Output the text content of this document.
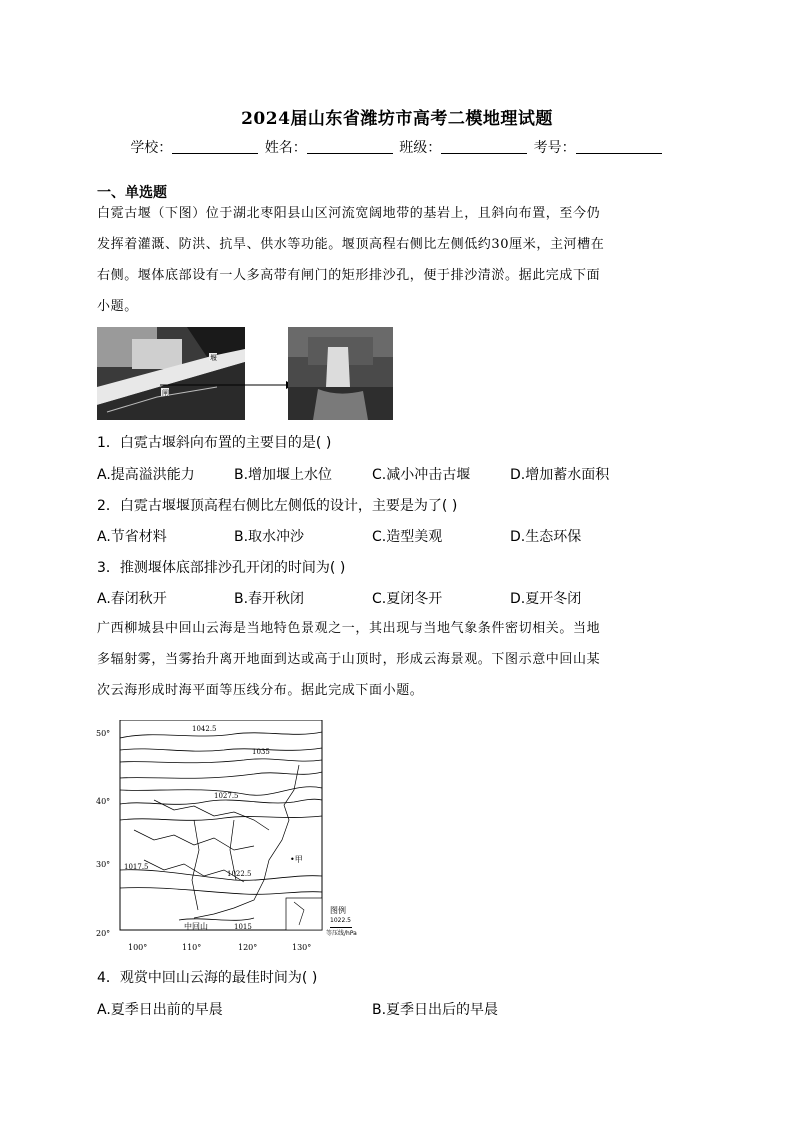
2024届山东省潍坊市高考二模地理试题
学校：	姓名：	班级：	考号：
一、单选题
白霓古堰（下图）位于湖北枣阳县山区河流宽阔地带的基岩上，且斜向布置，至今仍
发挥着灌溉、防洪、抗旱、供水等功能。堰顶高程右侧比左侧低约30厘米，主河槽在
右侧。堰体底部设有一人多高带有闸门的矩形排沙孔，便于排沙清淤。据此完成下面
小题。
堰
闸
1．白霓古堰斜向布置的主要目的是( )
A.提高溢洪能力	B.增加堰上水位	C.减小冲击古堰	D.增加蓄水面积
2．白霓古堰堰顶高程右侧比左侧低的设计，主要是为了( )
A.节省材料	B.取水冲沙	C.造型美观	D.生态环保
3．推测堰体底部排沙孔开闭的时间为( )
A.春闭秋开	B.春开秋闭	C.夏闭冬开	D.夏开冬闭
广西柳城县中回山云海是当地特色景观之一，其出现与当地气象条件密切相关。当地
多辐射雾，当雾抬升离开地面到达或高于山顶时，形成云海景观。下图示意中回山某
次云海形成时海平面等压线分布。据此完成下面小题。
50°
40°
30°
20°
100°	110°	120°	130°
1042.5
1035
1027.5
1017.5
1022.5
1015
•甲
中回山
图例
1022.5
等压线/hPa
4．观赏中回山云海的最佳时间为( )
A.夏季日出前的早晨	B.夏季日出后的早晨
